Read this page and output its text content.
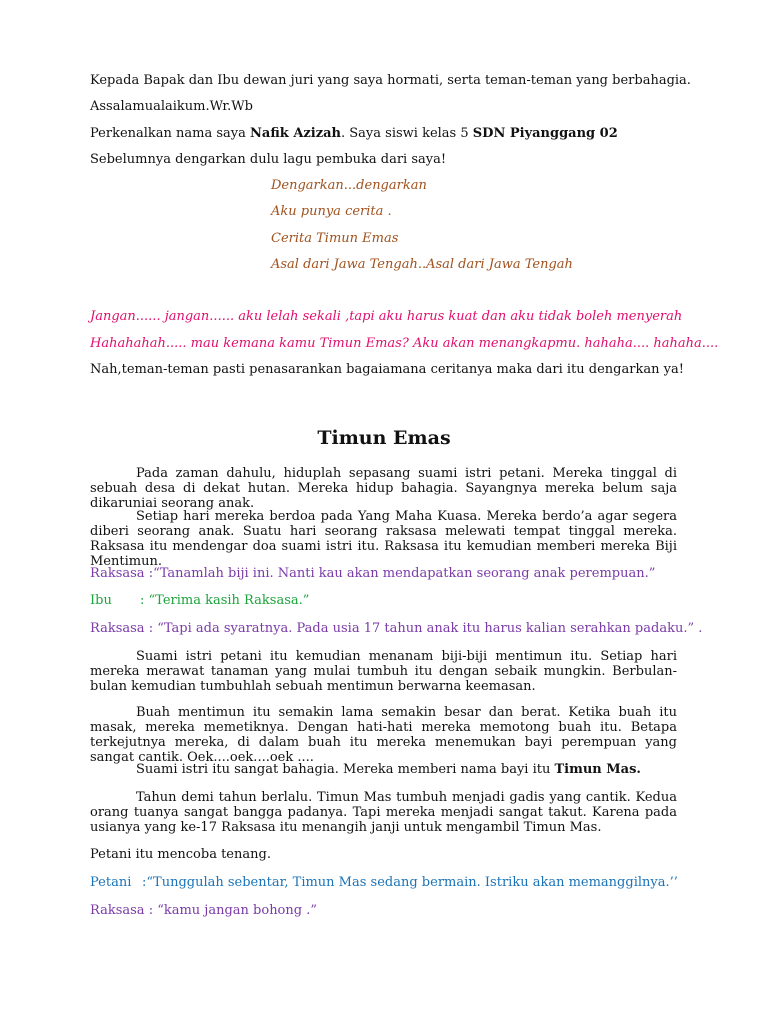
Kepada Bapak dan Ibu dewan juri yang saya hormati, serta teman-teman yang berbahagia.
Assalamualaikum.Wr.Wb
Perkenalkan nama saya Nafik Azizah. Saya siswi kelas 5 SDN Piyanggang 02
Sebelumnya dengarkan dulu lagu pembuka dari saya!
Dengarkan...dengarkan
Aku punya cerita .
Cerita Timun Emas
Asal dari Jawa Tengah..Asal dari Jawa Tengah
Jangan...... jangan...... aku lelah sekali ,tapi aku harus kuat dan aku tidak boleh menyerah
Hahahahah..... mau kemana kamu Timun Emas? Aku akan menangkapmu. hahaha.... hahaha....
Nah,teman-teman pasti penasarankan bagaiamana ceritanya maka dari itu dengarkan ya!
Timun Emas
Pada zaman dahulu, hiduplah sepasang suami istri petani. Mereka tinggal di sebuah desa di dekat hutan. Mereka hidup bahagia. Sayangnya mereka belum saja dikaruniai seorang anak.
Setiap hari mereka berdoa pada Yang Maha Kuasa. Mereka berdo’a agar segera diberi seorang anak. Suatu hari seorang raksasa melewati tempat tinggal mereka. Raksasa itu mendengar doa suami istri itu. Raksasa itu kemudian memberi mereka Biji Mentimun.
Raksasa :“Tanamlah biji ini. Nanti kau akan mendapatkan seorang anak perempuan.”
Ibu : “Terima kasih Raksasa.”
Raksasa : “Tapi ada syaratnya. Pada usia 17 tahun anak itu harus kalian serahkan padaku.” .
Suami istri petani itu kemudian menanam biji-biji mentimun itu. Setiap hari mereka merawat tanaman yang mulai tumbuh itu dengan sebaik mungkin. Berbulan-bulan kemudian tumbuhlah sebuah mentimun berwarna keemasan.
Buah mentimun itu semakin lama semakin besar dan berat. Ketika buah itu masak, mereka memetiknya. Dengan hati-hati mereka memotong buah itu. Betapa terkejutnya mereka, di dalam buah itu mereka menemukan bayi perempuan yang sangat cantik. Oek....oek....oek ....
Suami istri itu sangat bahagia. Mereka memberi nama bayi itu Timun Mas.
Tahun demi tahun berlalu. Timun Mas tumbuh menjadi gadis yang cantik. Kedua orang tuanya sangat bangga padanya. Tapi mereka menjadi sangat takut. Karena pada usianya yang ke-17 Raksasa itu menangih janji untuk mengambil Timun Mas.
Petani itu mencoba tenang.
Petani :“Tunggulah sebentar, Timun Mas sedang bermain. Istriku akan memanggilnya.’’
Raksasa : “kamu jangan bohong .”
